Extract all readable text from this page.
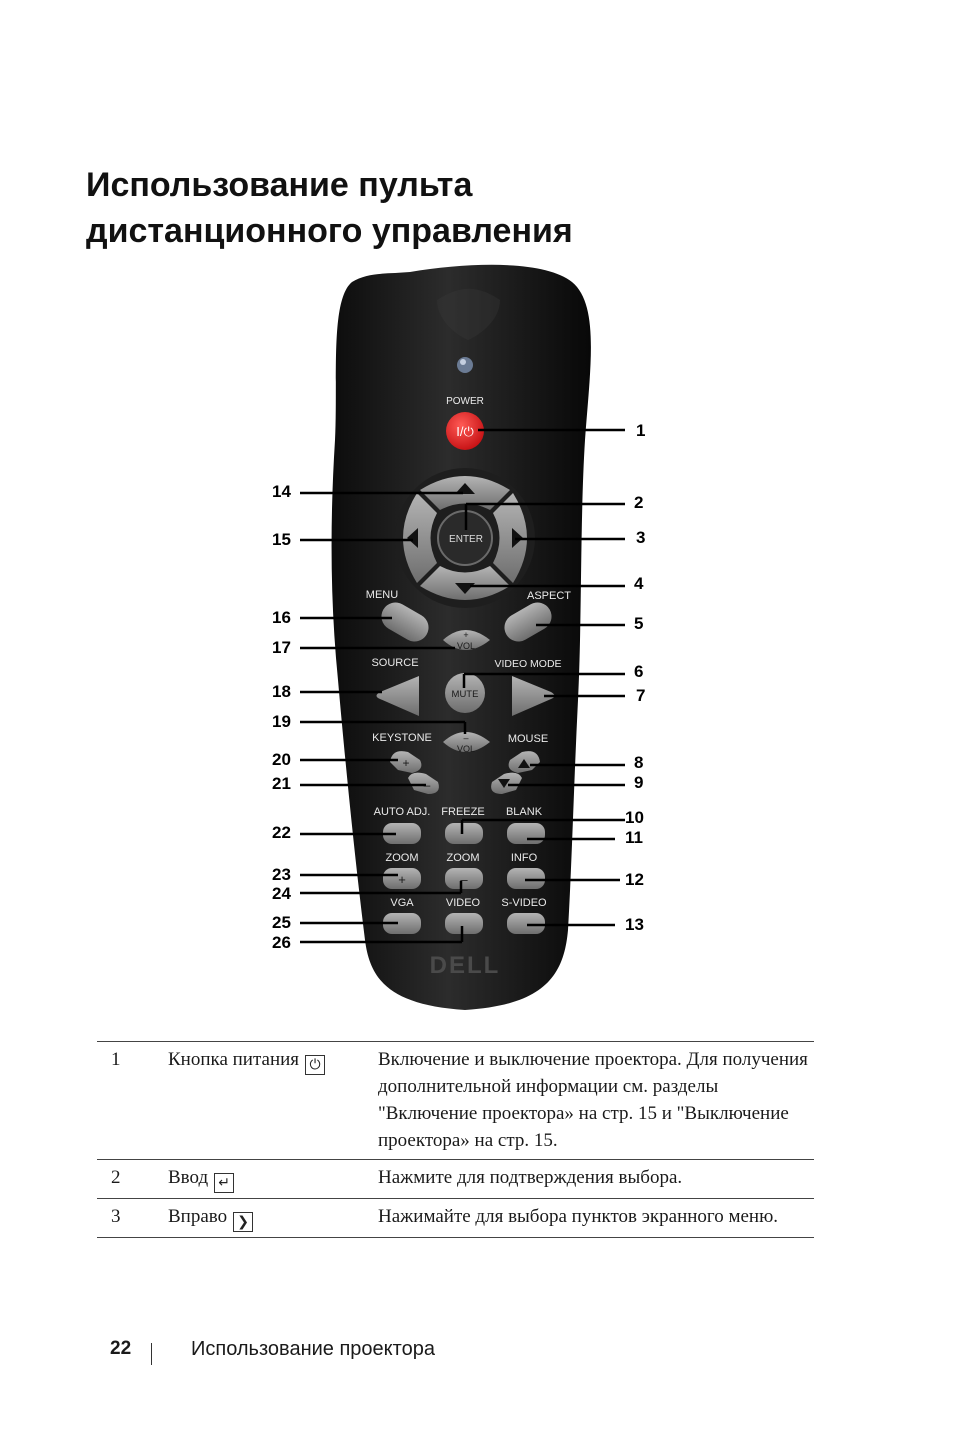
Использование пульта
дистанционного управления
POWER
I/⏻
ENTER
MENU	ASPECT
+
VOL
SOURCE	VIDEO MODE
MUTE
–
VOL
KEYSTONE	MOUSE
+
–
AUTO ADJ. FREEZE BLANK
ZOOM	ZOOM	INFO
+	–
VGA	VIDEO S-VIDEO
DELL
1
2
3
4
5
6
7
8
9
10
11
12
13
14
15
16
17
18
19
20
21
22
23
24
25
26
1	Кнопка питания ⏻	Включение и выключение проектора. Для получения дополнительной информации см. разделы "Включение проектора» на стр. 15 и "Выключение проектора» на стр. 15.
2	Ввод ↵	Нажмите для подтверждения выбора.
3	Вправо ❯	Нажимайте для выбора пунктов экранного меню.
22	Использование проектора
